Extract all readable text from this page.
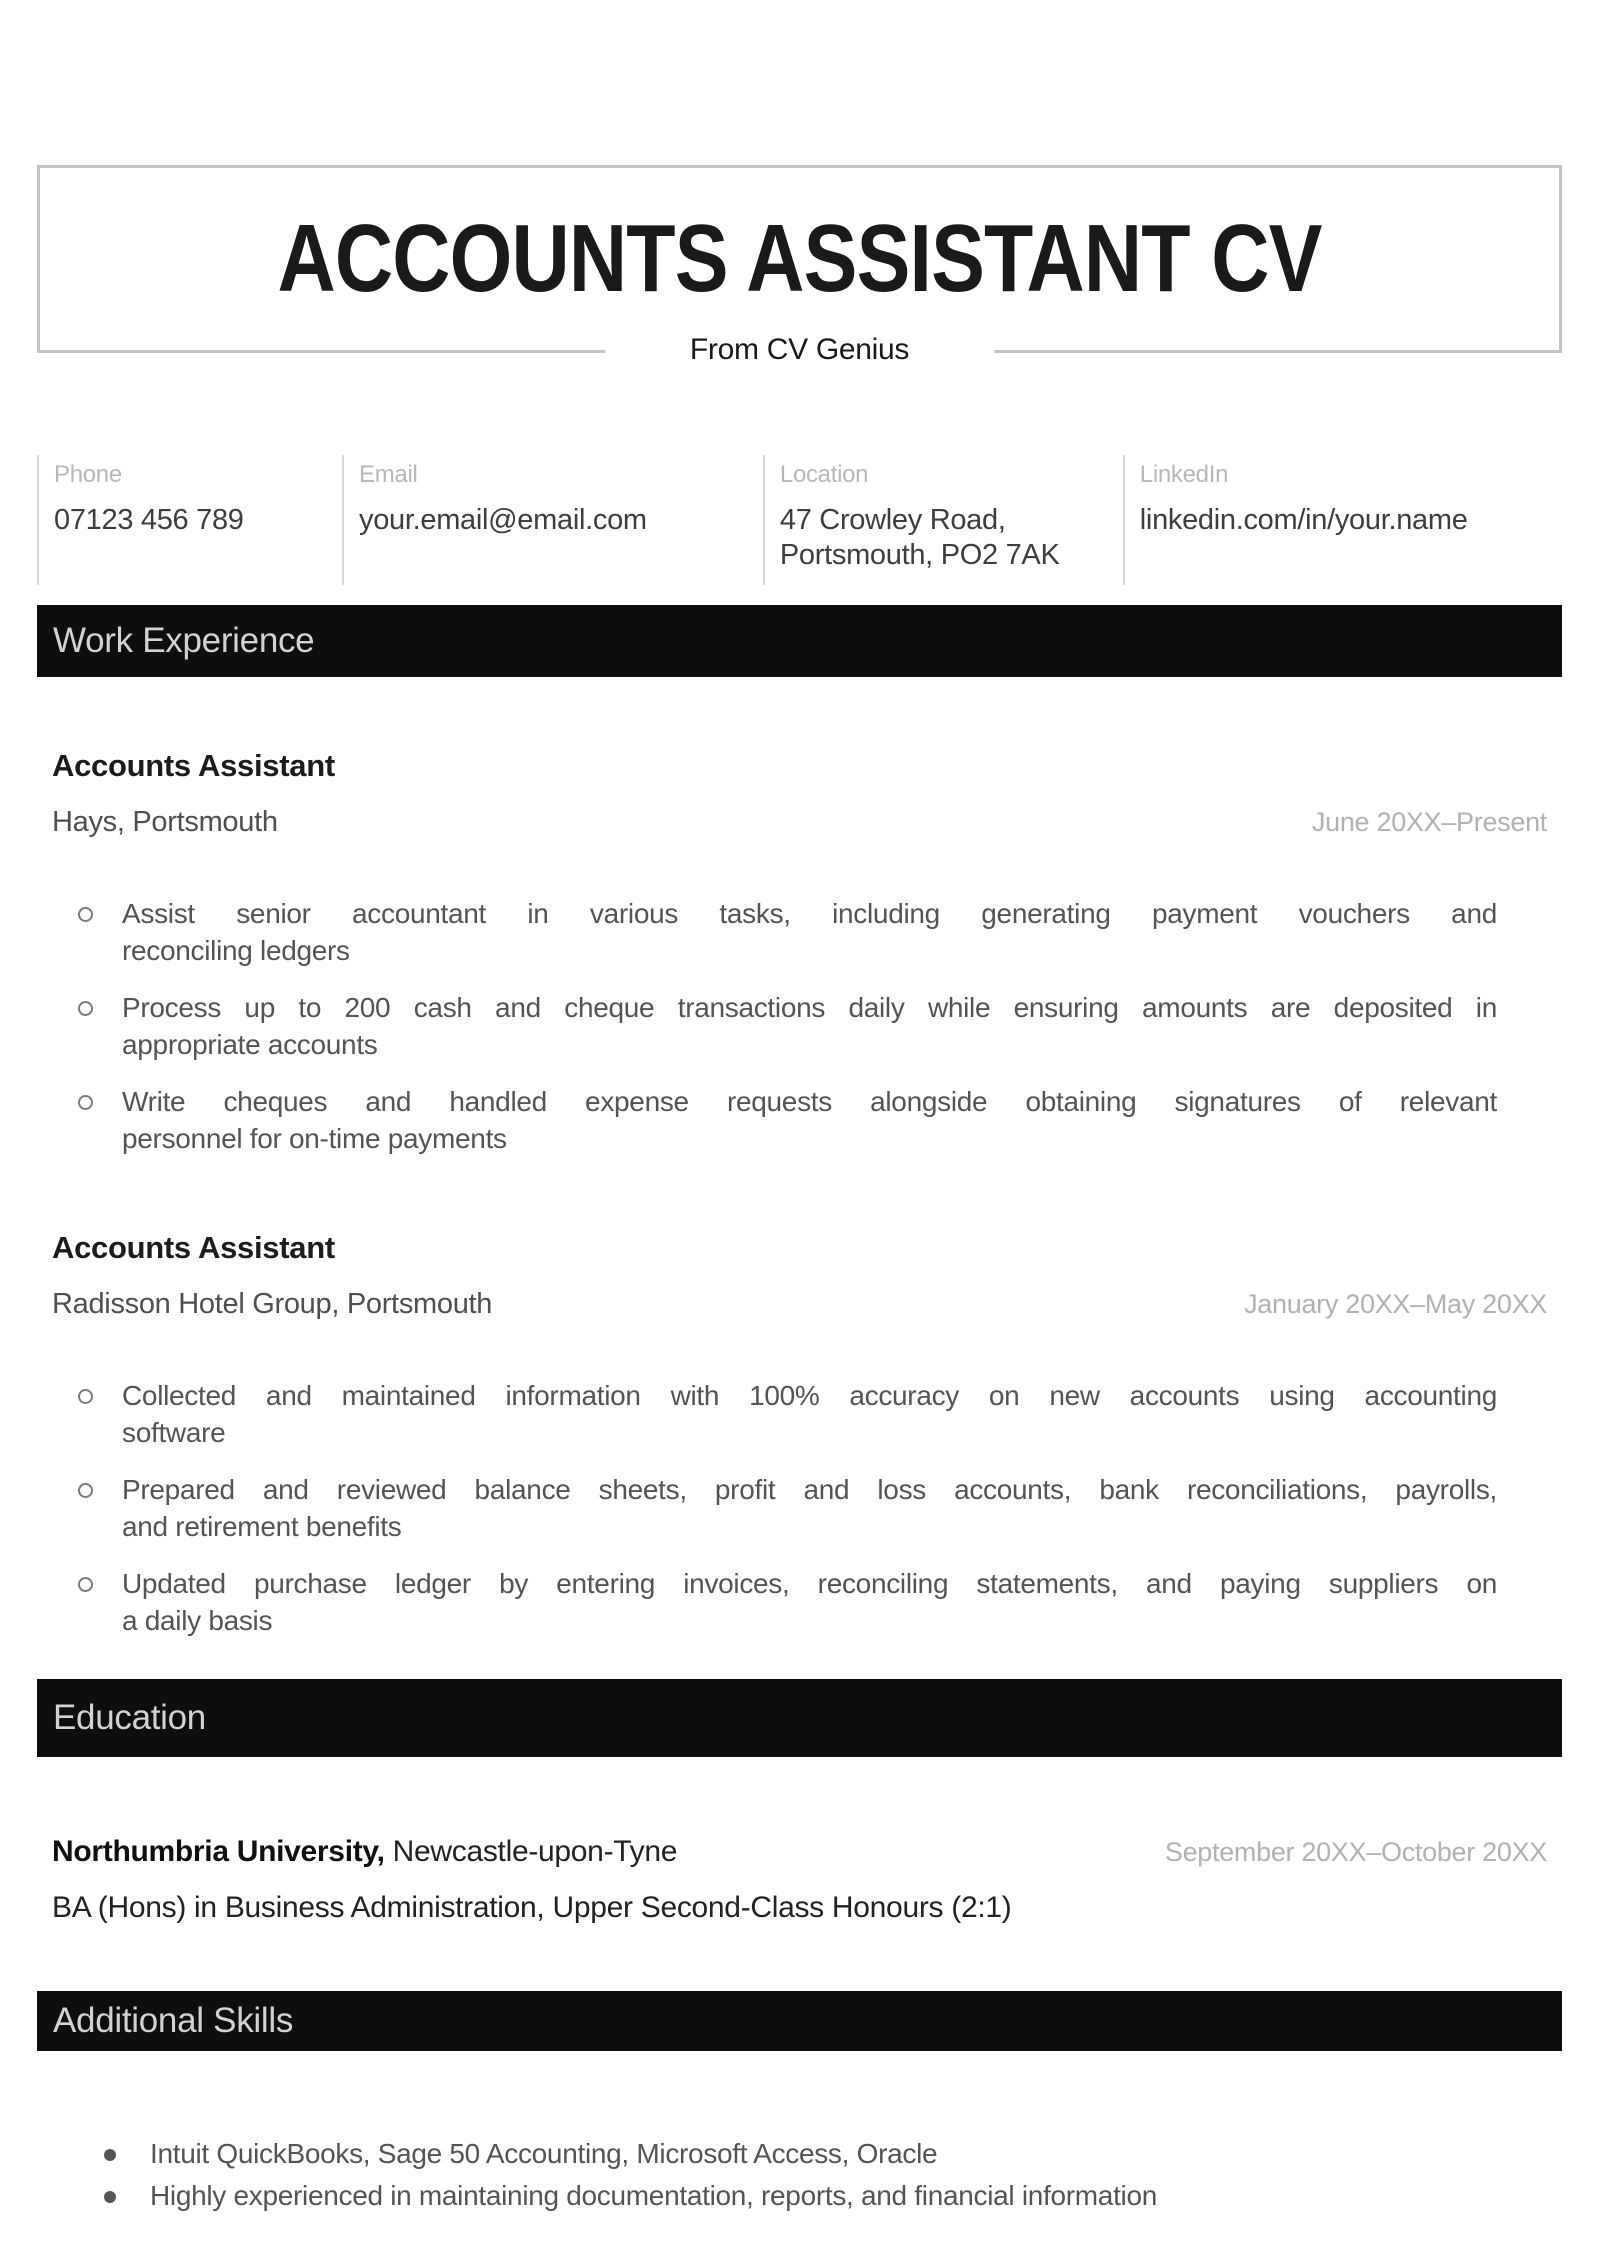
ACCOUNTS ASSISTANT CV
From CV Genius
Phone
07123 456 789
Email
your.email@email.com
Location
47 Crowley Road,
Portsmouth, PO2 7AK
LinkedIn
linkedin.com/in/your.name
Work Experience
Accounts Assistant
Hays, Portsmouth	June 20XX–Present
Assist senior accountant in various tasks, including generating payment vouchers and
reconciling ledgers
Process up to 200 cash and cheque transactions daily while ensuring amounts are deposited in
appropriate accounts
Write cheques and handled expense requests alongside obtaining signatures of relevant
personnel for on-time payments
Accounts Assistant
Radisson Hotel Group, Portsmouth	January 20XX–May 20XX
Collected and maintained information with 100% accuracy on new accounts using accounting
software
Prepared and reviewed balance sheets, profit and loss accounts, bank reconciliations, payrolls,
and retirement benefits
Updated purchase ledger by entering invoices, reconciling statements, and paying suppliers on
a daily basis
Education
Northumbria University, Newcastle-upon-Tyne	September 20XX–October 20XX
BA (Hons) in Business Administration, Upper Second-Class Honours (2:1)
Additional Skills
Intuit QuickBooks, Sage 50 Accounting, Microsoft Access, Oracle
Highly experienced in maintaining documentation, reports, and financial information
